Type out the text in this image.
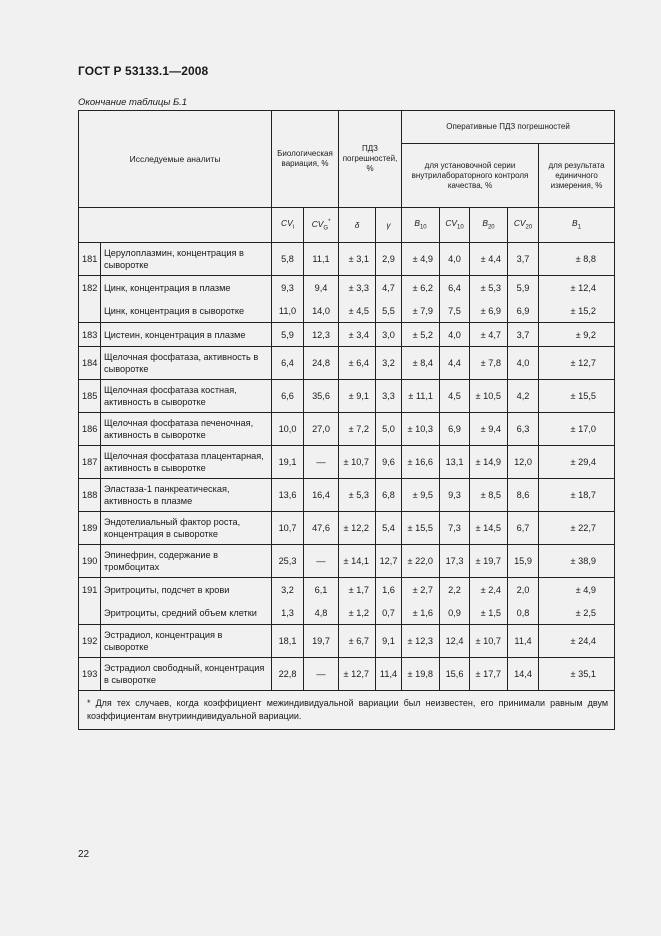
ГОСТ Р 53133.1—2008
Окончание таблицы Б.1
Исследуемые аналиты		Биологическая вариация, %		ПДЗ погрешностей, %		Оперативные ПДЗ погрешностей				
						для установочной серии внутрилабораторного контроля качества, %				для результата единичного измерения, %

		$CV_i$	$CV_G^*$	δ	γ	$B_{10}$	$CV_{10}$	$B_{20}$	$CV_{20}$	$B_1$
181	Церулоплазмин, концентрация в сыворотке	5,8	11,1	± 3,1	2,9	± 4,9	4,0	± 4,4	3,7	± 8,8
182	Цинк, концентрация в плазме	9,3	9,4	± 3,3	4,7	± 6,2	6,4	± 5,3	5,9	± 12,4
	Цинк, концентрация в сыворотке	11,0	14,0	± 4,5	5,5	± 7,9	7,5	± 6,9	6,9	± 15,2
183	Цистеин, концентрация в плазме	5,9	12,3	± 3,4	3,0	± 5,2	4,0	± 4,7	3,7	± 9,2
184	Щелочная фосфатаза, активность в сыворотке	6,4	24,8	± 6,4	3,2	± 8,4	4,4	± 7,8	4,0	± 12,7
185	Щелочная фосфатаза костная, активность в сыворотке	6,6	35,6	± 9,1	3,3	± 11,1	4,5	± 10,5	4,2	± 15,5
186	Щелочная фосфатаза печеночная, активность в сыворотке	10,0	27,0	± 7,2	5,0	± 10,3	6,9	± 9,4	6,3	± 17,0
187	Щелочная фосфатаза плацентарная, активность в сыворотке	19,1	—	± 10,7	9,6	± 16,6	13,1	± 14,9	12,0	± 29,4
188	Эластаза-1 панкреатическая, активность в плазме	13,6	16,4	± 5,3	6,8	± 9,5	9,3	± 8,5	8,6	± 18,7
189	Эндотелиальный фактор роста, концентрация в сыворотке	10,7	47,6	± 12,2	5,4	± 15,5	7,3	± 14,5	6,7	± 22,7
190	Эпинефрин, содержание в тромбоцитах	25,3	—	± 14,1	12,7	± 22,0	17,3	± 19,7	15,9	± 38,9
191	Эритроциты, подсчет в крови	3,2	6,1	± 1,7	1,6	± 2,7	2,2	± 2,4	2,0	± 4,9
	Эритроциты, средний объем клетки	1,3	4,8	± 1,2	0,7	± 1,6	0,9	± 1,5	0,8	± 2,5
192	Эстрадиол, концентрация в сыворотке	18,1	19,7	± 6,7	9,1	± 12,3	12,4	± 10,7	11,4	± 24,4
193	Эстрадиол свободный, концентрация в сыворотке	22,8	—	± 12,7	11,4	± 19,8	15,6	± 17,7	14,4	± 35,1
* Для тех случаев, когда коэффициент межиндивидуальной вариации был неизвестен, его принимали равным двум коэффициентам внутрииндивидуальной вариации.										
22
